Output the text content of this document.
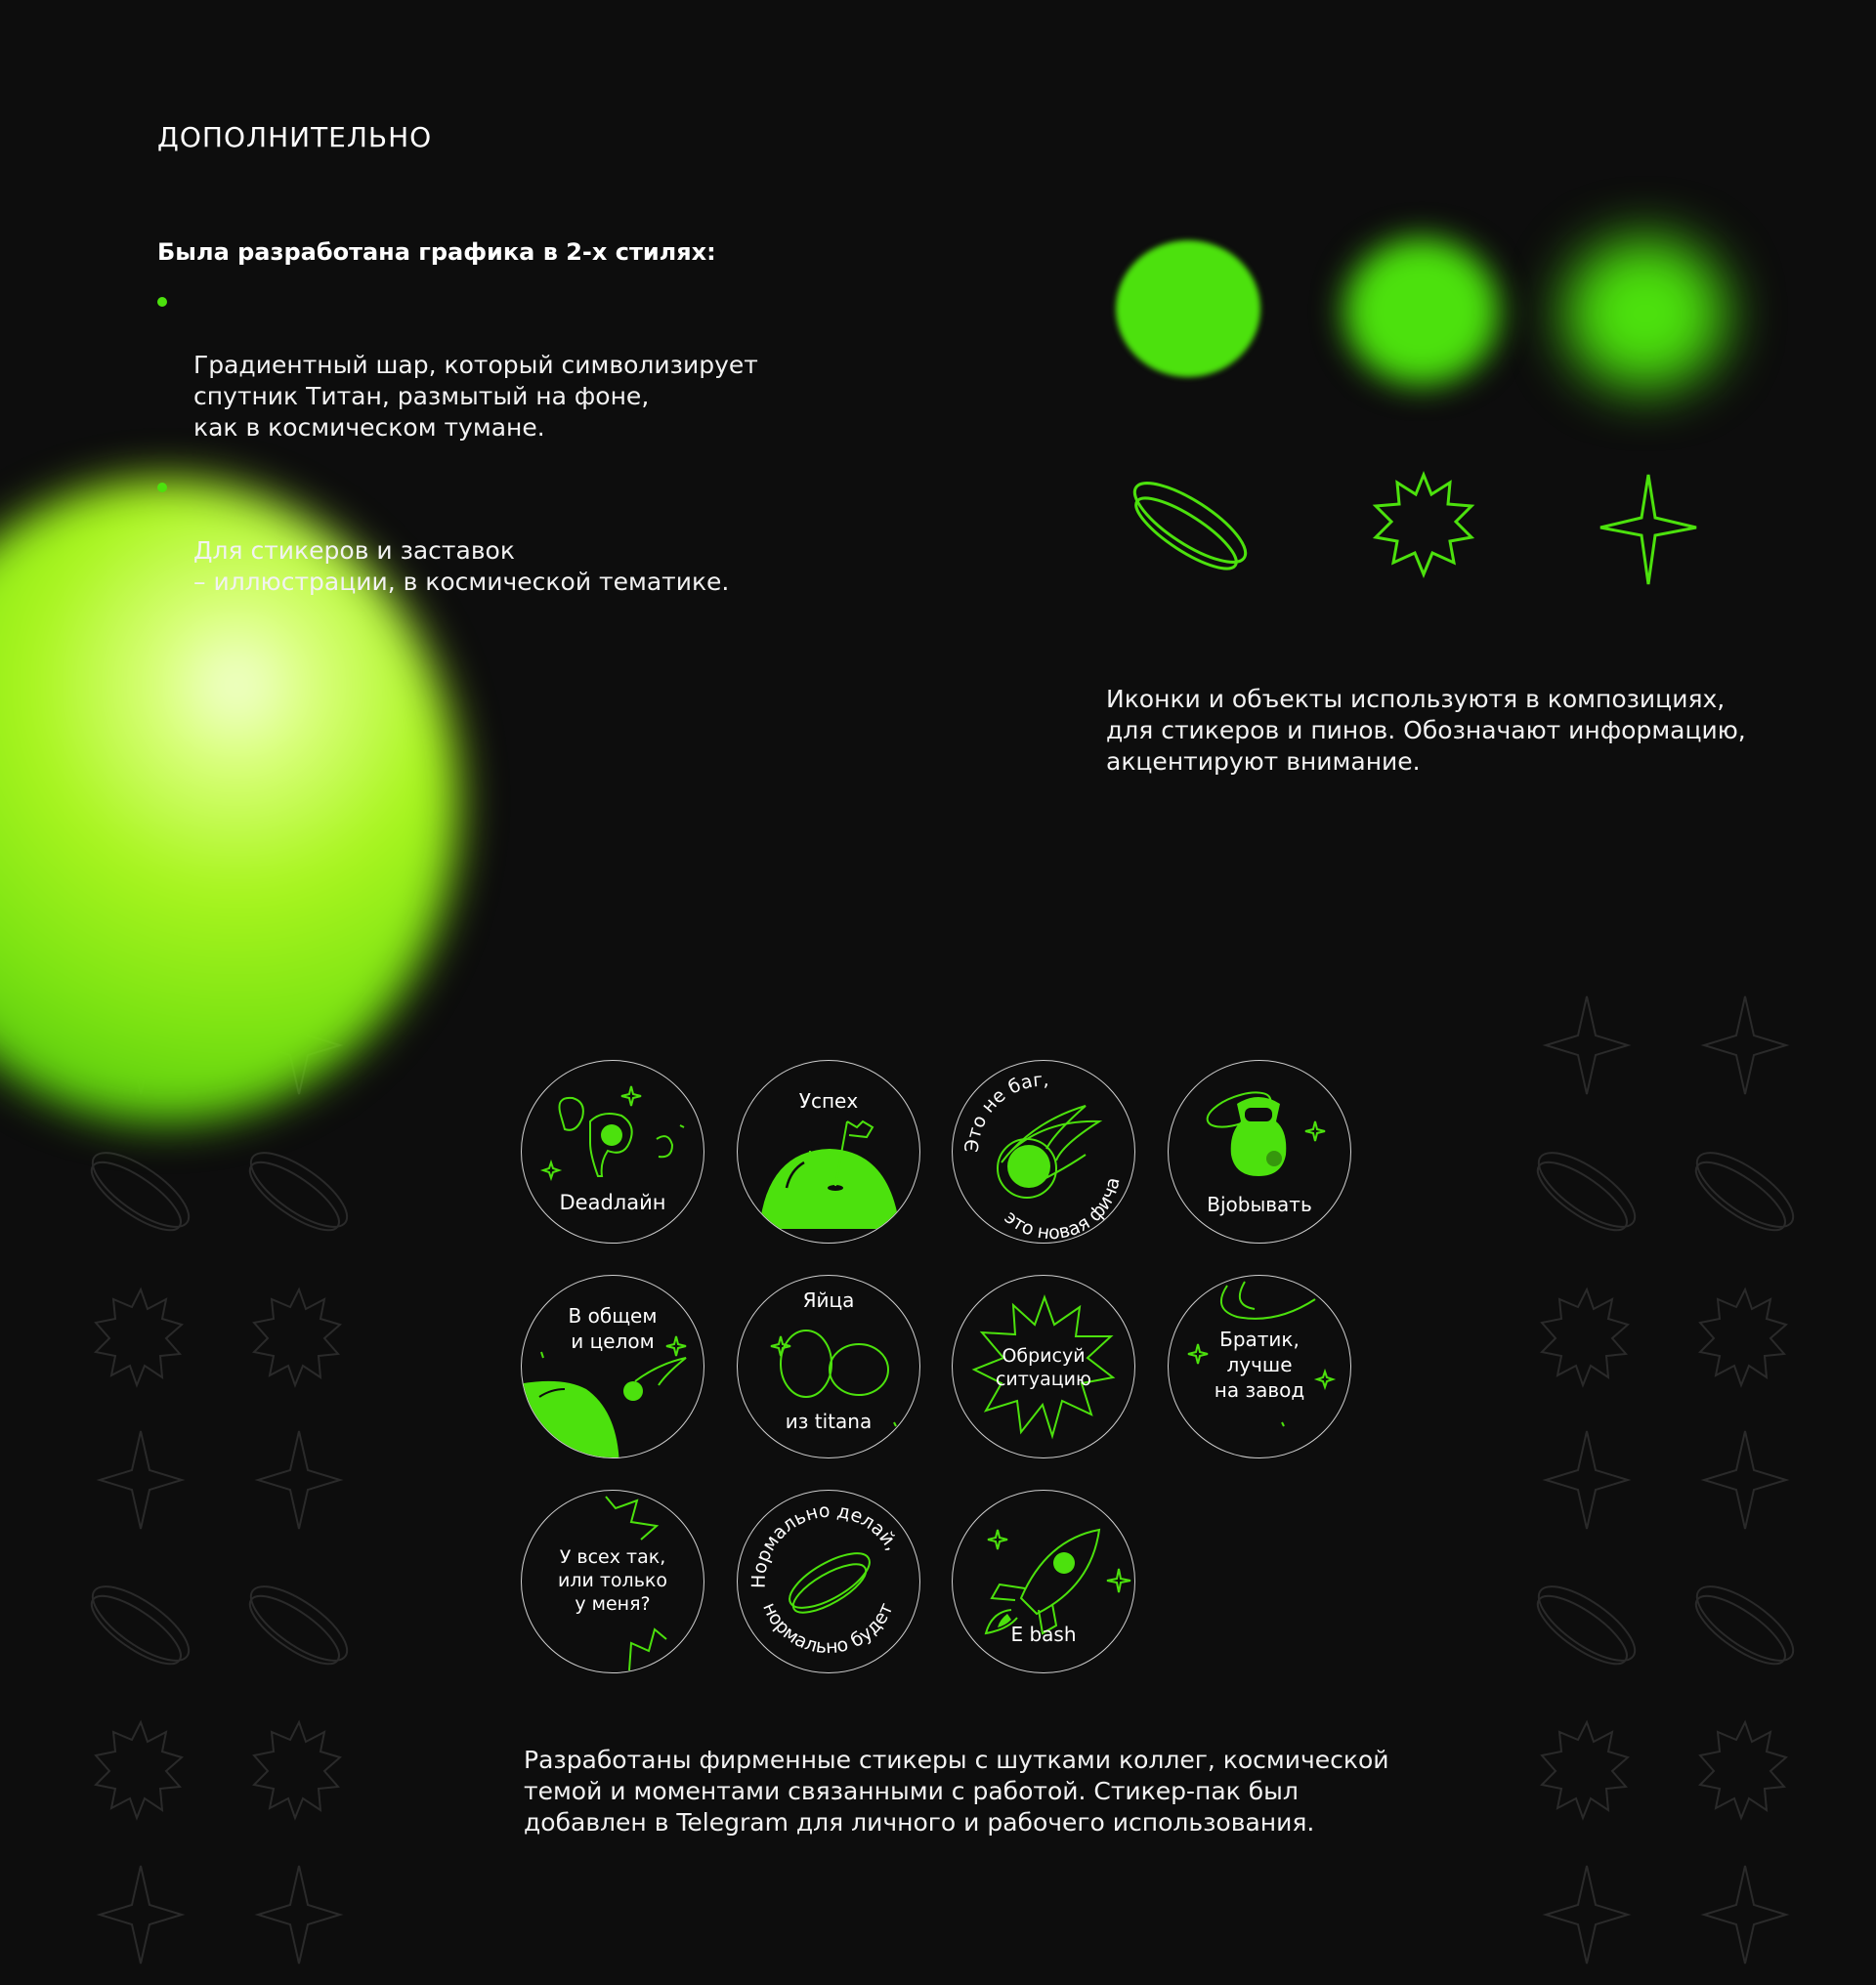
ДОПОЛНИТЕЛЬНО
Была разработана графика в 2-х стилях:

Градиентный шар, который символизирует
спутник Титан, размытый на фоне,
как в космическом тумане.

Для стикеров и заставок
– иллюстрации, в космической тематике.

Иконки и объекты используютя в композициях,
для стикеров и пинов. Обозначают информацию,
акцентируют внимание.
Deadлайн
Успех
Это не баг,
это новая фича
Вjobывать
В общем
и целом
Яйца
из titana
Обрисуй
ситуацию
Братик,
лучше
на завод
У всех так,
или только
у меня?
Нормально делай,
нормально будет
E bash
Разработаны фирменные стикеры с шутками коллег, космической
темой и моментами связанными с работой. Стикер-пак был
добавлен в Telegram для личного и рабочего использования.
